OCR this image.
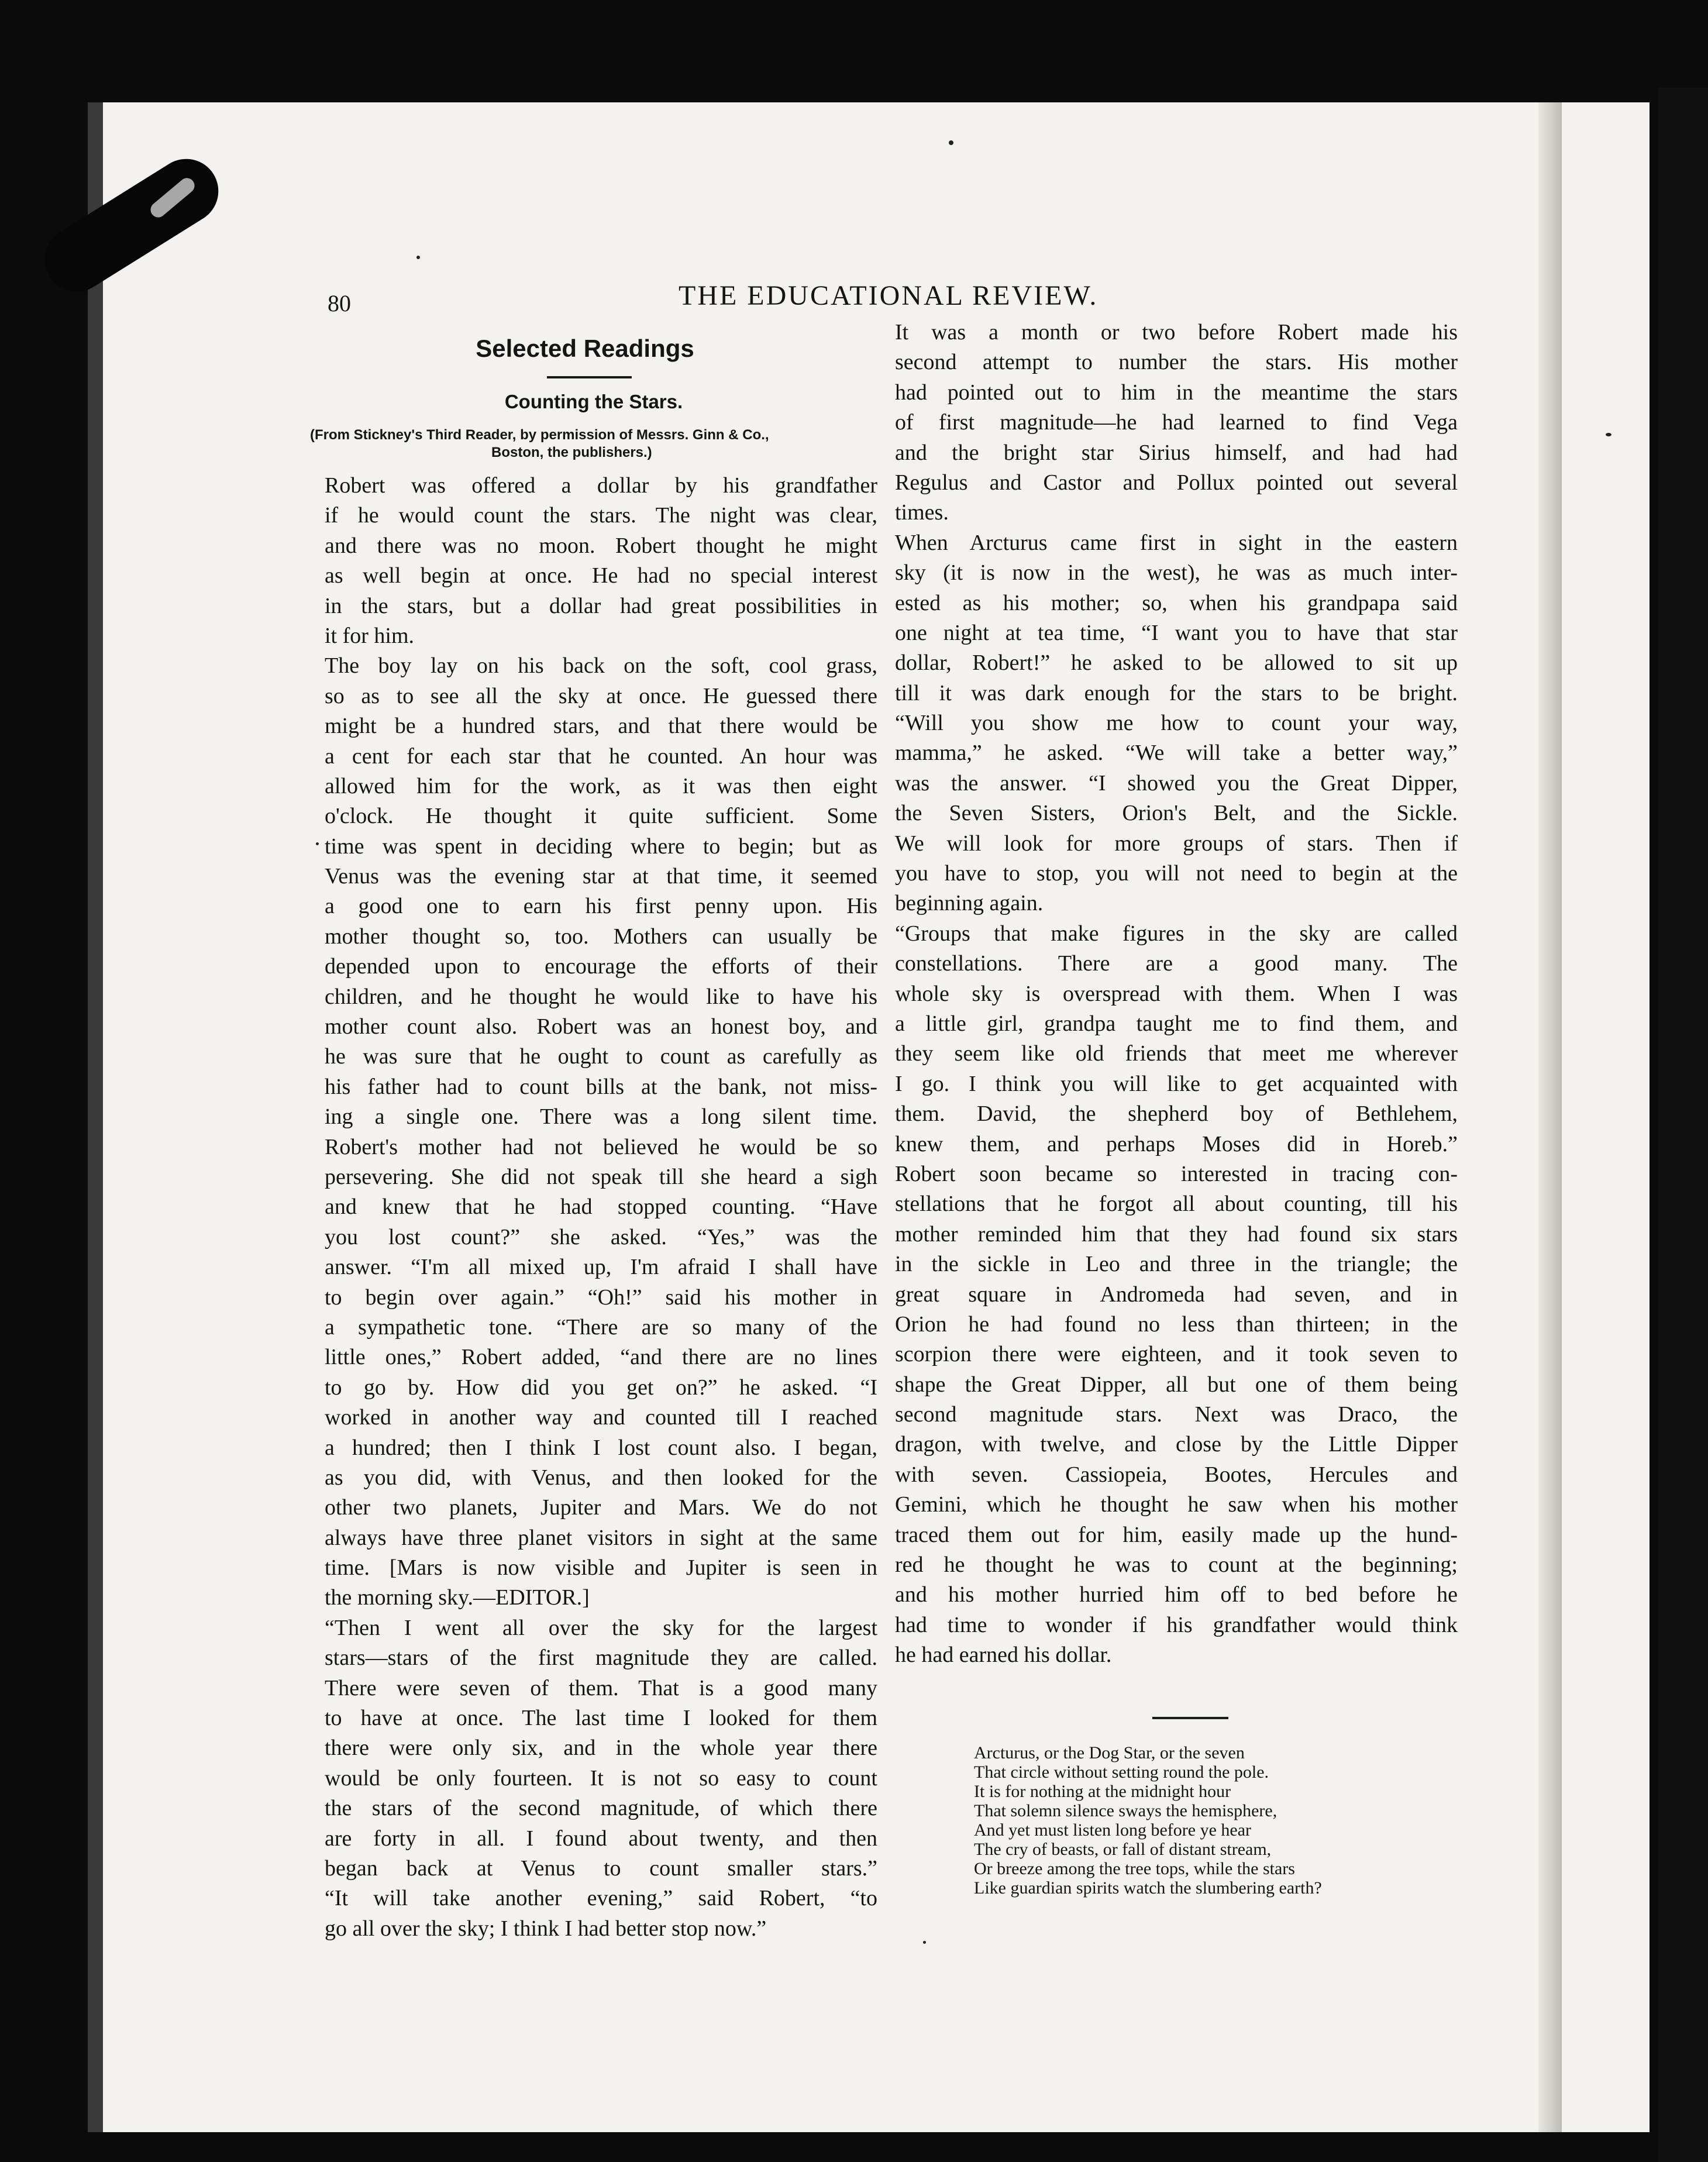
80	THE EDUCATIONAL REVIEW.
Selected Readings
Counting the Stars.
(From Stickney's Third Reader, by permission of Messrs. Ginn & Co.,
Boston, the publishers.)
Robert was offered a dollar by his grandfather
if he would count the stars. The night was clear,
and there was no moon. Robert thought he might
as well begin at once. He had no special interest
in the stars, but a dollar had great possibilities in
it for him.
The boy lay on his back on the soft, cool grass,
so as to see all the sky at once. He guessed there
might be a hundred stars, and that there would be
a cent for each star that he counted. An hour was
allowed him for the work, as it was then eight
o'clock. He thought it quite sufficient. Some
time was spent in deciding where to begin; but as
Venus was the evening star at that time, it seemed
a good one to earn his first penny upon. His
mother thought so, too. Mothers can usually be
depended upon to encourage the efforts of their
children, and he thought he would like to have his
mother count also. Robert was an honest boy, and
he was sure that he ought to count as carefully as
his father had to count bills at the bank, not miss-
ing a single one. There was a long silent time.
Robert's mother had not believed he would be so
persevering. She did not speak till she heard a sigh
and knew that he had stopped counting. “Have
you lost count?” she asked. “Yes,” was the
answer. “I'm all mixed up, I'm afraid I shall have
to begin over again.” “Oh!” said his mother in
a sympathetic tone. “There are so many of the
little ones,” Robert added, “and there are no lines
to go by. How did you get on?” he asked. “I
worked in another way and counted till I reached
a hundred; then I think I lost count also. I began,
as you did, with Venus, and then looked for the
other two planets, Jupiter and Mars. We do not
always have three planet visitors in sight at the same
time. [Mars is now visible and Jupiter is seen in
the morning sky.—EDITOR.]
“Then I went all over the sky for the largest
stars—stars of the first magnitude they are called.
There were seven of them. That is a good many
to have at once. The last time I looked for them
there were only six, and in the whole year there
would be only fourteen. It is not so easy to count
the stars of the second magnitude, of which there
are forty in all. I found about twenty, and then
began back at Venus to count smaller stars.”
“It will take another evening,” said Robert, “to
go all over the sky; I think I had better stop now.”
It was a month or two before Robert made his
second attempt to number the stars. His mother
had pointed out to him in the meantime the stars
of first magnitude—he had learned to find Vega
and the bright star Sirius himself, and had had
Regulus and Castor and Pollux pointed out several
times.
When Arcturus came first in sight in the eastern
sky (it is now in the west), he was as much inter-
ested as his mother; so, when his grandpapa said
one night at tea time, “I want you to have that star
dollar, Robert!” he asked to be allowed to sit up
till it was dark enough for the stars to be bright.
“Will you show me how to count your way,
mamma,” he asked. “We will take a better way,”
was the answer. “I showed you the Great Dipper,
the Seven Sisters, Orion's Belt, and the Sickle.
We will look for more groups of stars. Then if
you have to stop, you will not need to begin at the
beginning again.
“Groups that make figures in the sky are called
constellations. There are a good many. The
whole sky is overspread with them. When I was
a little girl, grandpa taught me to find them, and
they seem like old friends that meet me wherever
I go. I think you will like to get acquainted with
them. David, the shepherd boy of Bethlehem,
knew them, and perhaps Moses did in Horeb.”
Robert soon became so interested in tracing con-
stellations that he forgot all about counting, till his
mother reminded him that they had found six stars
in the sickle in Leo and three in the triangle; the
great square in Andromeda had seven, and in
Orion he had found no less than thirteen; in the
scorpion there were eighteen, and it took seven to
shape the Great Dipper, all but one of them being
second magnitude stars. Next was Draco, the
dragon, with twelve, and close by the Little Dipper
with seven. Cassiopeia, Bootes, Hercules and
Gemini, which he thought he saw when his mother
traced them out for him, easily made up the hund-
red he thought he was to count at the beginning;
and his mother hurried him off to bed before he
had time to wonder if his grandfather would think
he had earned his dollar.
Arcturus, or the Dog Star, or the seven
That circle without setting round the pole.
It is for nothing at the midnight hour
That solemn silence sways the hemisphere,
And yet must listen long before ye hear
The cry of beasts, or fall of distant stream,
Or breeze among the tree tops, while the stars
Like guardian spirits watch the slumbering earth?
